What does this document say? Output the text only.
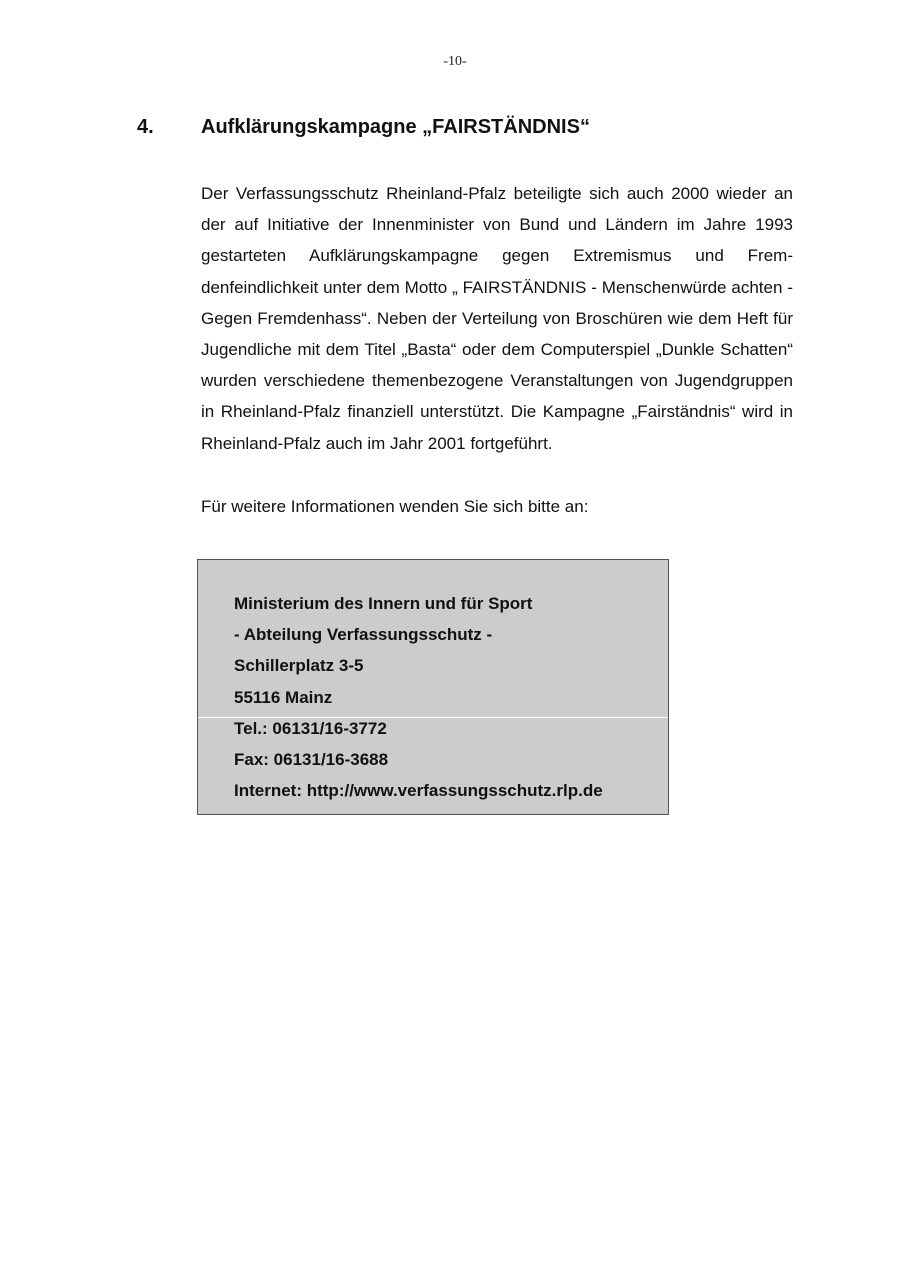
-10-
4. Aufklärungskampagne „FAIRSTÄNDNIS“

Der Verfassungsschutz Rheinland-Pfalz beteiligte sich auch 2000 wieder an der auf Initiative der Innenminister von Bund und Ländern im Jahre 1993 gestarteten Aufklärungskampagne gegen Extremismus und Frem-denfeindlichkeit unter dem Motto „ FAIRSTÄNDNIS - Menschenwürde achten - Gegen Fremdenhass“. Neben der Verteilung von Broschüren wie dem Heft für Jugendliche mit dem Titel „Basta“ oder dem Computerspiel „Dunkle Schatten“ wurden verschiedene themenbezogene Veranstaltungen von Jugendgruppen in Rheinland-Pfalz finanziell unterstützt. Die Kampagne „Fairständnis“ wird in Rheinland-Pfalz auch im Jahr 2001 fortgeführt.

Für weitere Informationen wenden Sie sich bitte an:

Ministerium des Innern und für Sport
- Abteilung Verfassungsschutz -
Schillerplatz 3-5
55116 Mainz
Tel.: 06131/16-3772
Fax: 06131/16-3688
Internet: http://www.verfassungsschutz.rlp.de
